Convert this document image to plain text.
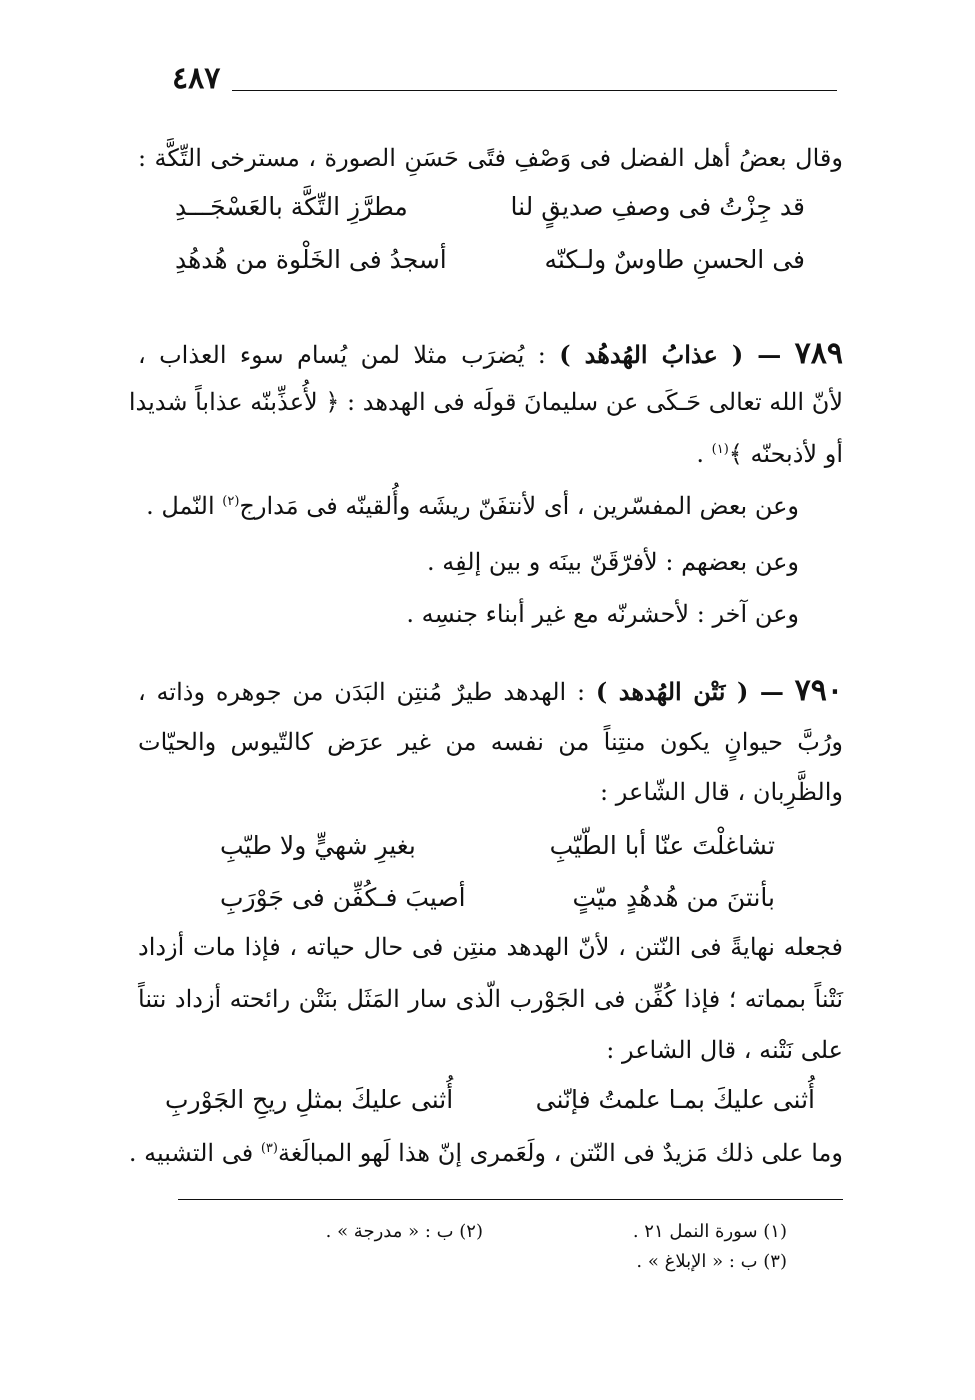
٤٨٧
وقال بعضُ أهل الفضل فى وَصْفِ فتًى حَسَنِ الصورة ، مسترخى التِّكَّة :
قد جِزْتُ فى وصفِ صديقٍ لنا
مطرَّزِ التِّكَّة بالعَسْجَـــدِ
فى الحسنِ طاوسٌ ولـكنّه
أسجدُ فى الخَلْوة من هُدهُدِ
٧٨٩ — ( عذابُ الهُدهُد ) : يُضرَب مثلا لمن يُسام سوء العذاب ،
لأنّ الله تعالى حَـكَى عن سليمانَ قولَه فى الهدهد : ﴿ لأُعذِّبنّه عذاباً شديدا
أو لأذبحنّه ﴾$^{(١)}$ .
وعن بعض المفسّرين ، أى لأنتفَنّ ريشَه وأُلقينّه فى مَدارج$^{(٢)}$ النّمل .
وعن بعضهم : لأفرّقَنّ بينَه و بين إلفِه .
وعن آخر : لأحشرنّه مع غير أبناء جنسِه .
٧٩٠ — ( نَتْن الهُدهد ) : الهدهد طيرٌ مُنتِن البَدَن من جوهره وذاته ،
ورُبَّ حيوانٍ يكون منتِناً من نفسه من غير عرَض كالتّيوس والحيّات
والظَّرِبان ، قال الشّاعر :
تشاغلْتَ عنّا أبا الطّيّبِ
بغيرِ شهيٍّ ولا طيّبِ
بأنتنَ من هُدهُدٍ ميّتٍ
أصيبَ فـكُفِّن فى جَوْرَبِ
فجعله نهايةً فى النّتن ، لأنّ الهدهد منتِن فى حال حياته ، فإذا مات أزداد
نَتْناً بمماته ؛ فإذا كُفِّن فى الجَوْرب الّذى سار المَثَل بنَتْن رائحته أزداد نتناً
على نَتْنه ، قال الشاعر :
أُثنى عليكَ بمـا علمتُ فإنّنى
أُثنى عليكَ بمثلِ ريحِ الجَوْربِ
وما على ذلك مَزيدٌ فى النّتن ، ولَعَمرى إنّ هذا لَهو المبالَغة$^{(٣)}$ فى التشبيه .
(١) سورة النمل ٢١ .
(٢) ب : « مدرجة » .
(٣) ب : « الإبلاغ » .
